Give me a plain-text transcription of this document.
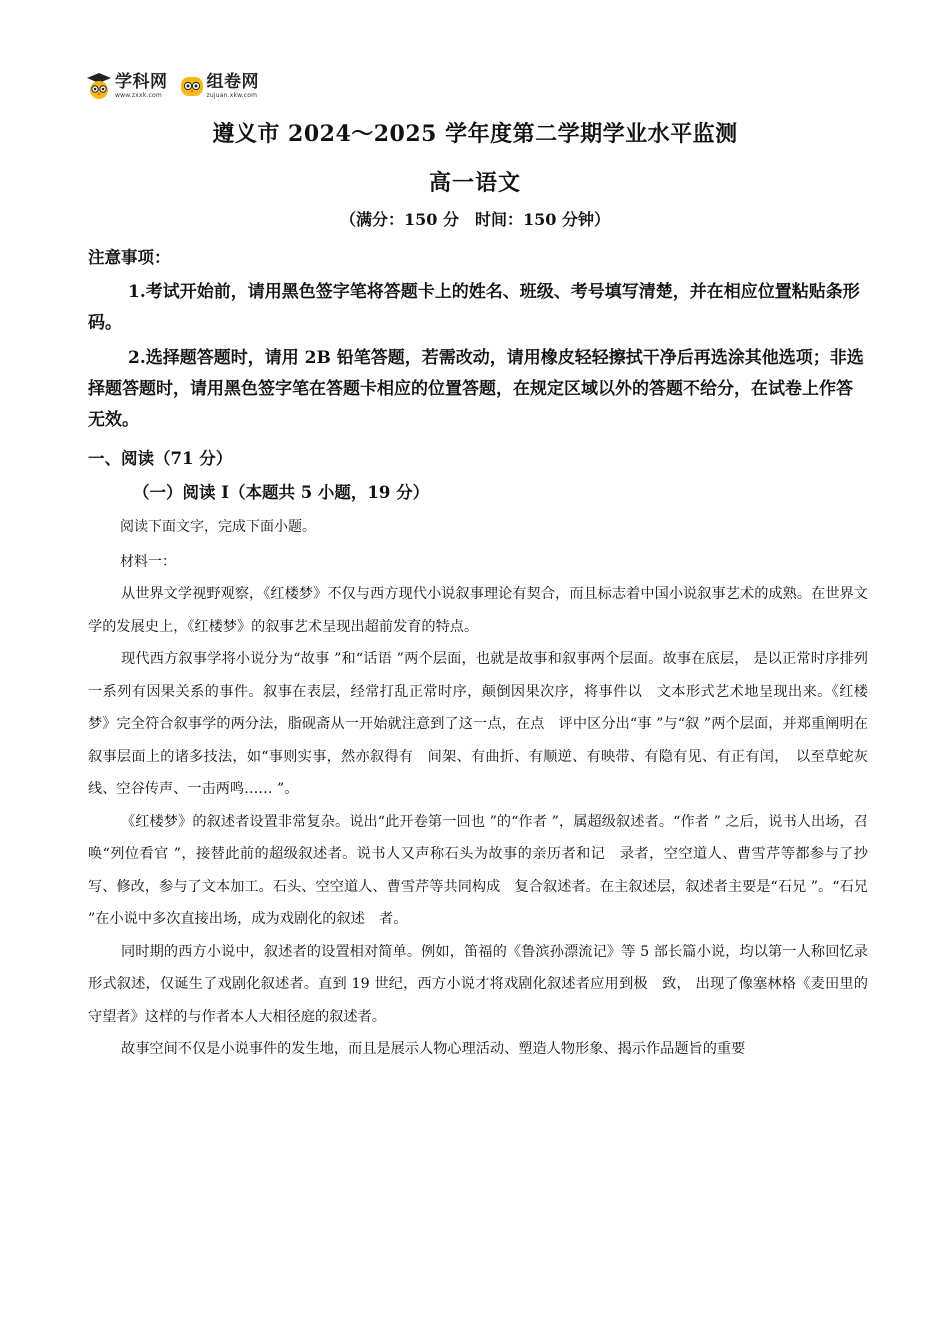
学科网
www.zxxk.com
组卷网
zujuan.xkw.com
遵义市 2024～2025 学年度第二学期学业水平监测
高一语文
（满分：150 分　时间：150 分钟）
注意事项：
1.考试开始前，请用黑色签字笔将答题卡上的姓名、班级、考号填写清楚，并在相应位置粘贴条形码。
2.选择题答题时，请用 2B 铅笔答题，若需改动，请用橡皮轻轻擦拭干净后再选涂其他选项；非选择题答题时，请用黑色签字笔在答题卡相应的位置答题，在规定区域以外的答题不给分，在试卷上作答无效。
一、阅读（71 分）
（一）阅读 Ⅰ（本题共 5 小题，19 分）
阅读下面文字，完成下面小题。
材料一：

从世界文学视野观察，《红楼梦》不仅与西方现代小说叙事理论有契合，而且标志着中国小说叙事艺术的成熟。在世界文学的发展史上，《红楼梦》的叙事艺术呈现出超前发育的特点。

现代西方叙事学将小说分为“故事 ”和“话语 ”两个层面，也就是故事和叙事两个层面。故事在底层， 是以正常时序排列一系列有因果关系的事件。叙事在表层，经常打乱正常时序，颠倒因果次序，将事件以　文本形式艺术地呈现出来。《红楼梦》完全符合叙事学的两分法，脂砚斋从一开始就注意到了这一点，在点　评中区分出“事 ”与“叙 ”两个层面，并郑重阐明在叙事层面上的诸多技法，如“事则实事，然亦叙得有　间架、有曲折、有顺逆、有映带、有隐有见、有正有闰，　以至草蛇灰线、空谷传声、一击两鸣…… ”。

《红楼梦》的叙述者设置非常复杂。说出“此开卷第一回也 ”的“作者 ”，属超级叙述者。“作者 ” 之后，说书人出场，召唤“列位看官 ”，接替此前的超级叙述者。说书人又声称石头为故事的亲历者和记　录者，空空道人、曹雪芹等都参与了抄写、修改，参与了文本加工。石头、空空道人、曹雪芹等共同构成　复合叙述者。在主叙述层，叙述者主要是“石兄 ”。“石兄 ”在小说中多次直接出场，成为戏剧化的叙述　者。

同时期的西方小说中，叙述者的设置相对简单。例如，笛福的《鲁滨孙漂流记》等 5 部长篇小说，均以第一人称回忆录形式叙述，仅诞生了戏剧化叙述者。直到 19 世纪，西方小说才将戏剧化叙述者应用到极　致， 出现了像塞林格《麦田里的守望者》这样的与作者本人大相径庭的叙述者。

故事空间不仅是小说事件的发生地，而且是展示人物心理活动、塑造人物形象、揭示作品题旨的重要
